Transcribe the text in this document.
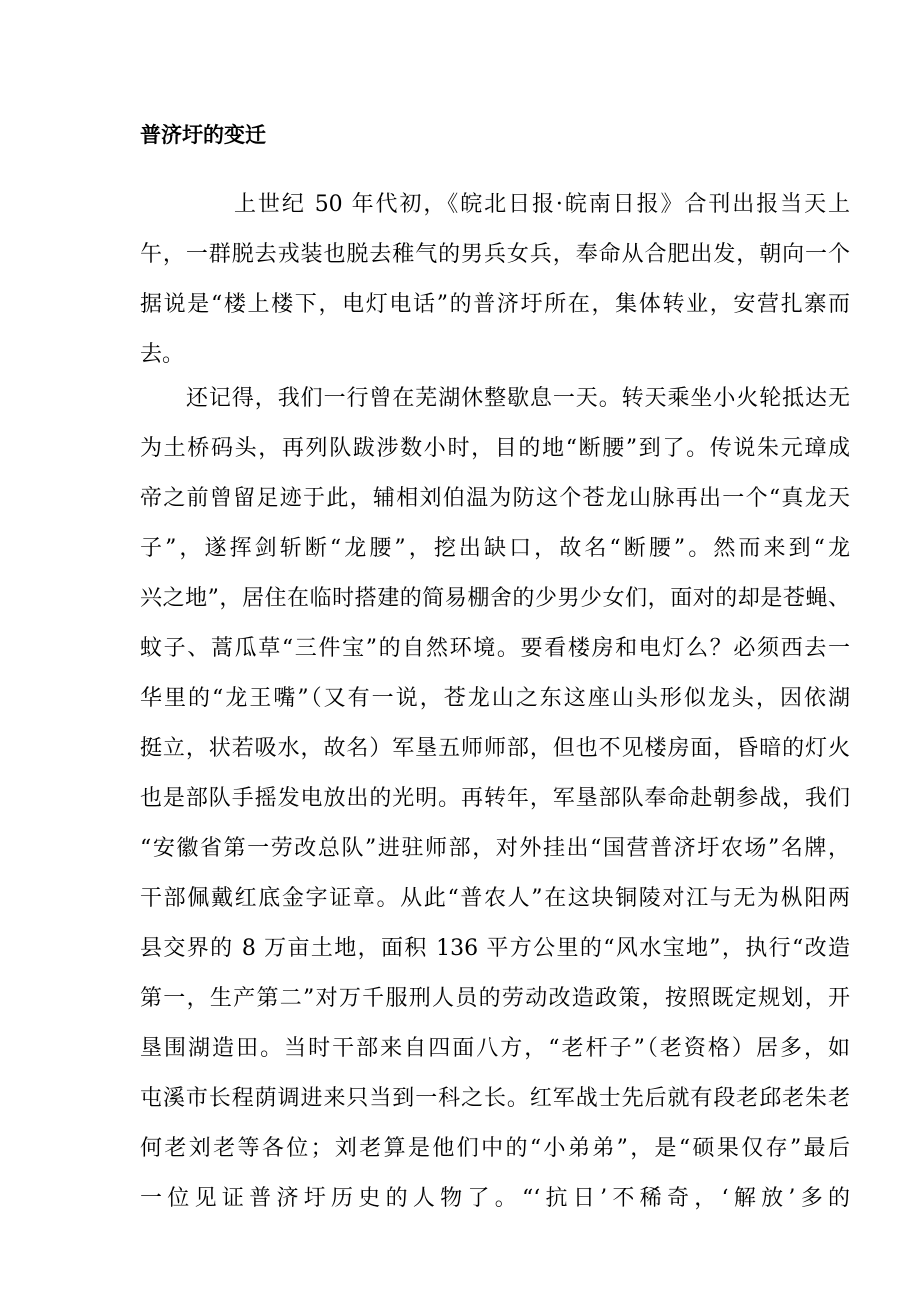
普济圩的变迁
上世纪 50 年代初，《皖北日报·皖南日报》合刊出报当天上
午，一群脱去戎装也脱去稚气的男兵女兵，奉命从合肥出发，朝向一个
据说是“楼上楼下，电灯电话”的普济圩所在，集体转业，安营扎寨而
去。
还记得，我们一行曾在芜湖休整歇息一天。转天乘坐小火轮抵达无
为土桥码头，再列队跋涉数小时，目的地“断腰”到了。传说朱元璋成
帝之前曾留足迹于此，辅相刘伯温为防这个苍龙山脉再出一个“真龙天
子”，遂挥剑斩断“龙腰”，挖出缺口，故名“断腰”。然而来到“龙
兴之地”，居住在临时搭建的简易棚舍的少男少女们，面对的却是苍蝇、
蚊子、蒿瓜草“三件宝”的自然环境。要看楼房和电灯么？必须西去一
华里的“龙王嘴”（又有一说，苍龙山之东这座山头形似龙头，因依湖
挺立，状若吸水，故名）军垦五师师部，但也不见楼房面，昏暗的灯火
也是部队手摇发电放出的光明。再转年，军垦部队奉命赴朝参战，我们
“安徽省第一劳改总队”进驻师部，对外挂出“国营普济圩农场”名牌，
干部佩戴红底金字证章。从此“普农人”在这块铜陵对江与无为枞阳两
县交界的 8 万亩土地，面积 136 平方公里的“风水宝地”，执行“改造
第一，生产第二”对万千服刑人员的劳动改造政策，按照既定规划，开
垦围湖造田。当时干部来自四面八方，“老杆子”（老资格）居多，如
屯溪市长程荫调进来只当到一科之长。红军战士先后就有段老邱老朱老
何老刘老等各位；刘老算是他们中的“小弟弟”，是“硕果仅存”最后
一位见证普济圩历史的人物了。“‘抗日’不稀奇，‘解放’多的
